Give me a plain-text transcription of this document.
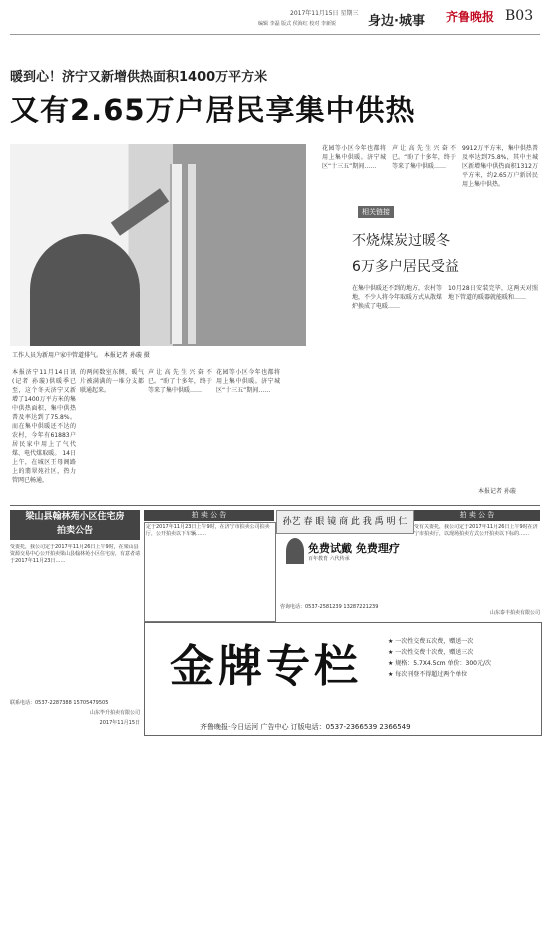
2017年11月15日 星期三
编辑 李磊 版式 侯海红 校对 李新锐 身边·城事 齐鲁晚报 B03
暖到心！济宁又新增供热面积1400万平方米
又有2.65万户居民享集中供热
工作人员为新用户家中管道排气。 本报记者 孙璇 摄
本报济宁11月14日讯(记者 孙璇)供暖季已至，这个冬天济宁又新增了1400万平方米的集中供热面积，集中供热普及率达到了75.8%。而在集中供暖还不达的农村，今年有61883户居民家中用上了气代煤、电代煤取暖。 14日上午，在城区王母阁路上的翡翠苑社区，热力管网已畅通，
的两间数室东侧，暖气片被满满的一堆分支都联通起来。
声让高先生兴奋不已。“盼了十多年，终于等来了集中供暖……
花园等小区今年也都将用上集中供暖。济宁城区“十三五”期间……
花园等小区今年也都将用上集中供暖。济宁城区“十三五”期间……
声让高先生兴奋不已。“盼了十多年，终于等来了集中供暖……
9912万平方米，集中供热普及率达到75.8%，其中主城区新增集中供热面积1312万平方米，约2.65万户新居民用上集中供热。
相关链接
不烧煤炭过暖冬
6万多户居民受益
在集中供暖还不到的地方，农村等地，不少人将今年取暖方式从散煤炉换成了电暖……
10月28日安装完毕，这两天对照地下管道的暖器就能暖和……
本报记者 孙璇
梁山县翰林苑小区住宅房
拍卖公告
受委托，我公司定于2017年11月26日上午9时，在梁山县资源交易中心公开拍卖梁山县翰林苑小区住宅房，有意者请于2017年11月23日……
联系电话：0537-2287388 15705479505
山东毕升拍卖有限公司
2017年11月15日
拍 卖 公 告
定于2017年11月23日上午9时，在济宁市拍卖公司拍卖厅，公开拍卖以下车辆……
孙艺 春 眼 镜 商 此 我 禹 明 仁
免费试戴 免费理疗
百年教育 六代传承
咨询电话：0537-2581239 13287221239
拍 卖 公 告
受有关委托，我公司定于2017年11月26日上午9时在济宁市拍卖厅，以现场拍卖方式公开拍卖以下标的……
山东泰丰拍卖有限公司
金牌专栏	★ 一次性交费五次费，赠送一次
★ 一次性交费十次费，赠送三次
★ 规格：5.7X4.5cm 单价：300元/次
★ 每次刊登不得超过两个单位
齐鲁晚报·今日运河 广告中心 订版电话：0537-2366539 2366549
